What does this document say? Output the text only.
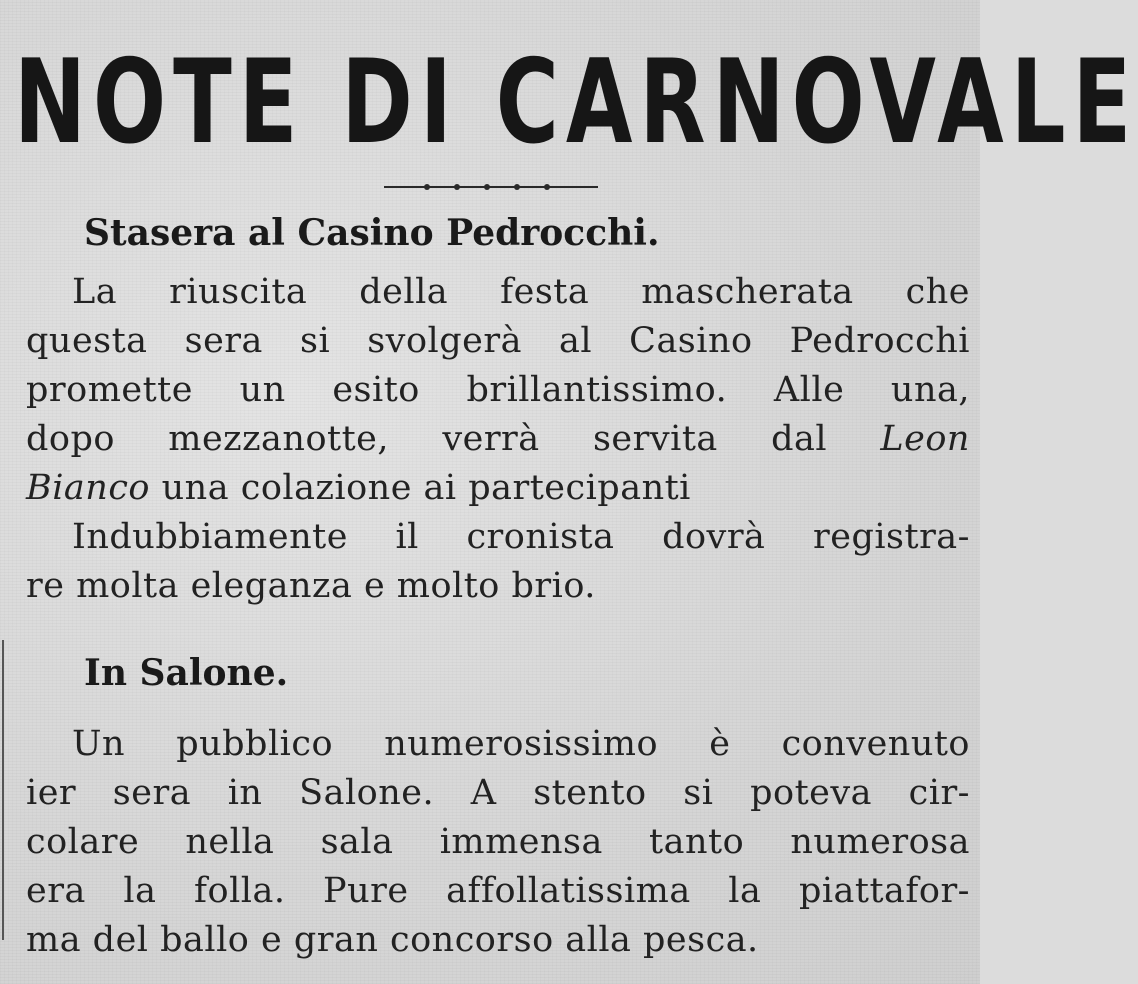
NOTE DI CARNOVALE
Stasera al Casino Pedrocchi.
La riuscita della festa mascherata che
questa sera si svolgerà al Casino Pedrocchi
promette un esito brillantissimo. Alle una,
dopo mezzanotte, verrà servita dal Leon
Bianco una colazione ai partecipanti
Indubbiamente il cronista dovrà registra-
re molta eleganza e molto brio.
In Salone.
Un pubblico numerosissimo è convenuto
ier sera in Salone. A stento si poteva cir-
colare nella sala immensa tanto numerosa
era la folla. Pure affollatissima la piattafor-
ma del ballo e gran concorso alla pesca.
